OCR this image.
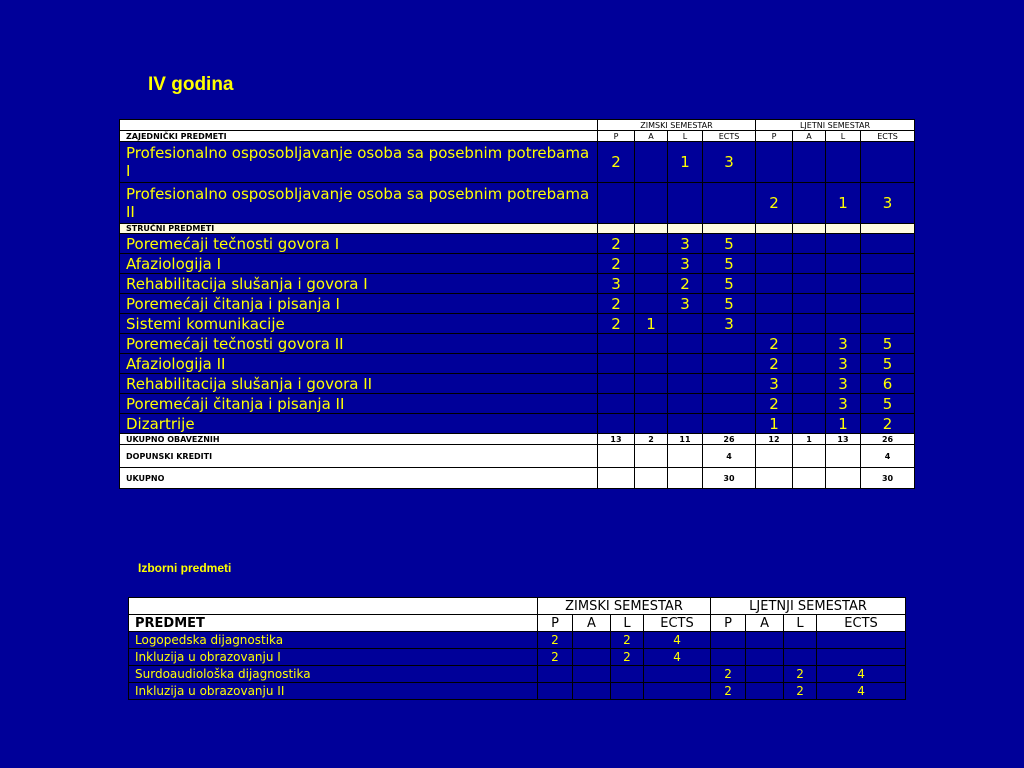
IV godina
	ZIMSKI SEMESTAR				LJETNI SEMESTAR			
ZAJEDNIČKI PREDMETI	P	A	L	ECTS	P	A	L	ECTS
Profesionalno osposobljavanje osoba sa posebnim potrebama I	2		1	3				
Profesionalno osposobljavanje osoba sa posebnim potrebama II					2		1	3
STRUČNI PREDMETI								
Poremećaji tečnosti govora I	2		3	5				
Afaziologija I	2		3	5				
Rehabilitacija slušanja i govora I	3		2	5				
Poremećaji čitanja i pisanja I	2		3	5				
Sistemi komunikacije	2	1		3				
Poremećaji tečnosti govora II					2		3	5
Afaziologija II					2		3	5
Rehabilitacija slušanja i govora II					3		3	6
Poremećaji čitanja i pisanja II					2		3	5
Dizartrije					1		1	2
UKUPNO OBAVEZNIH	13	2	11	26	12	1	13	26
DOPUNSKI KREDITI				4				4
UKUPNO				30				30
Izborni predmeti
	ZIMSKI SEMESTAR				LJETNJI SEMESTAR			
PREDMET	P	A	L	ECTS	P	A	L	ECTS
Logopedska dijagnostika	2		2	4				
Inkluzija u obrazovanju I	2		2	4				
Surdoaudiološka dijagnostika					2		2	4
Inkluzija u obrazovanju II					2		2	4
